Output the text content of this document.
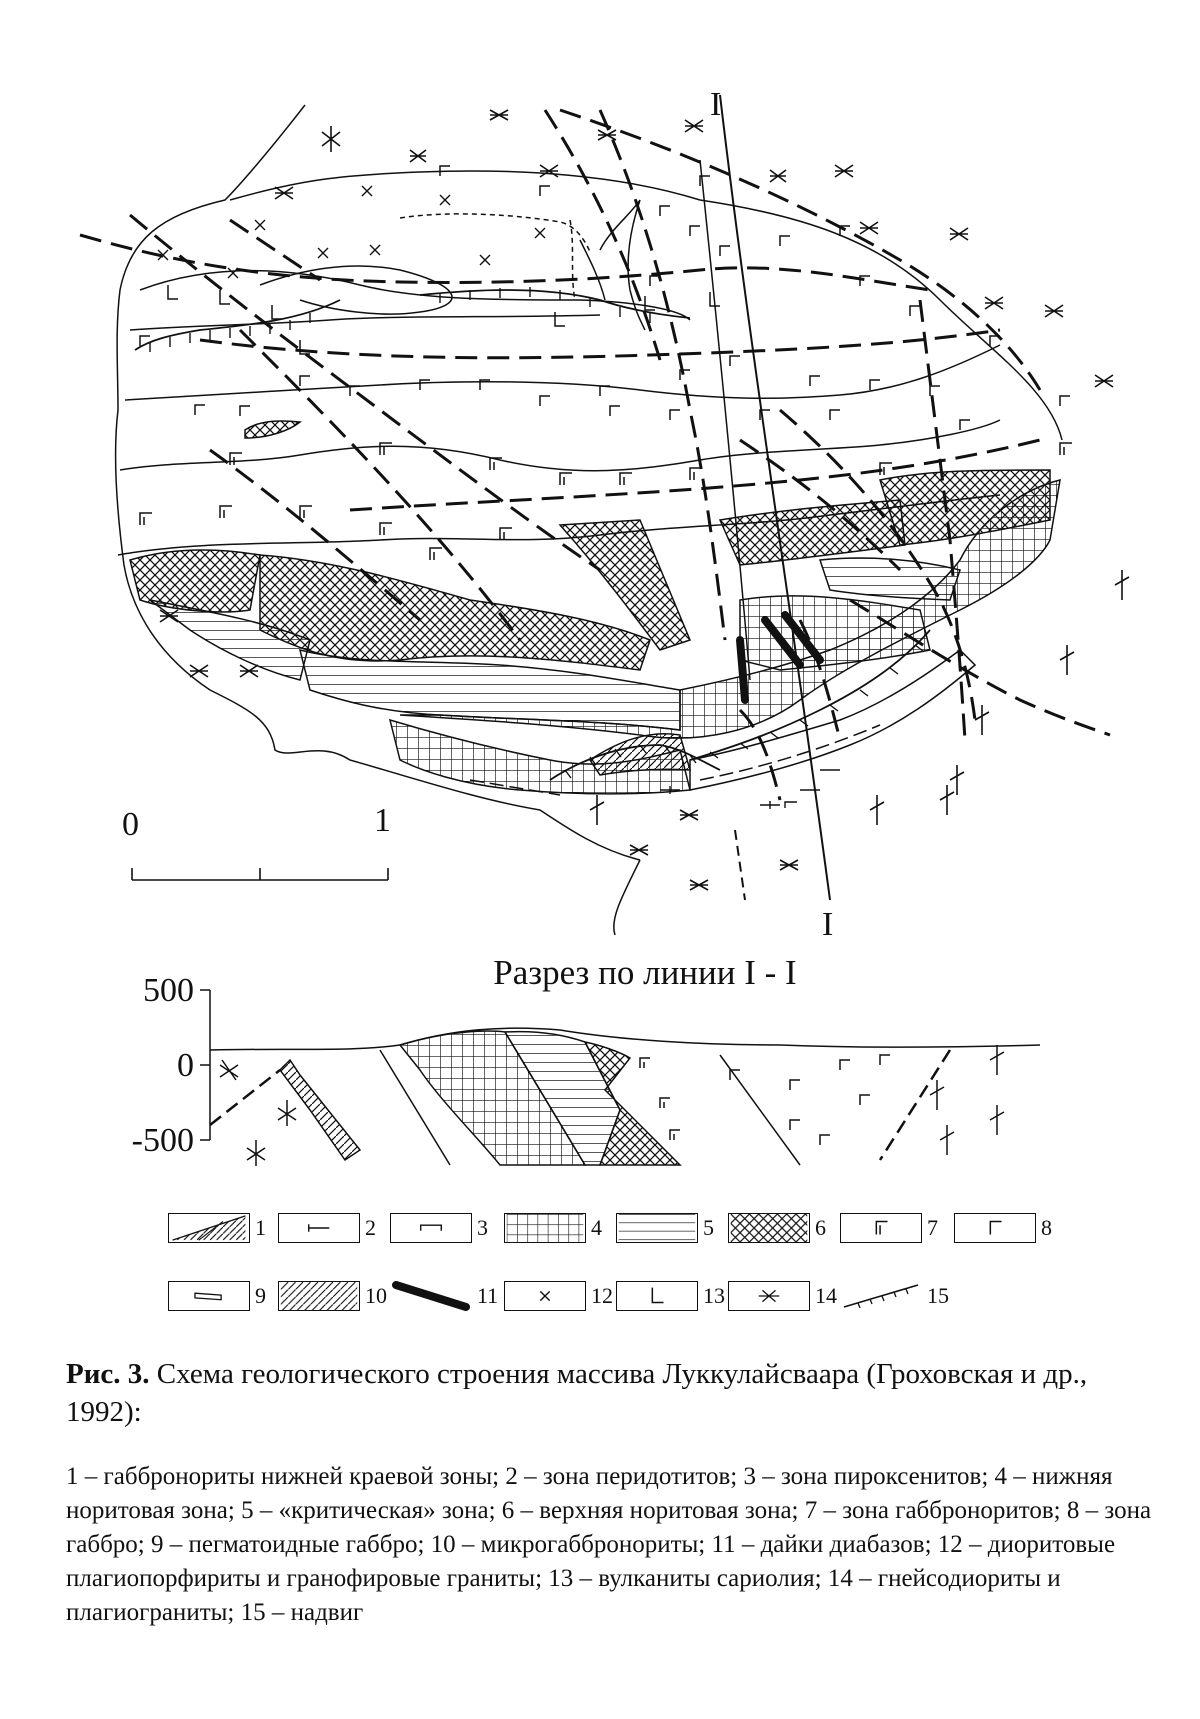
0	1
I
I
Разрез по линии I - I
500
0
-500
1	2	3	4	5	6	7	8
9	10	11	12	13	14	15
Рис. 3. Схема геологического строения массива Луккулайсваара (Гроховская и др., 1992):
1 – габбронориты нижней краевой зоны; 2 – зона перидотитов; 3 – зона пироксенитов; 4 – нижняя норитовая зона; 5 – «критическая» зона; 6 – верхняя норитовая зона; 7 – зона габброноритов; 8 – зона габбро; 9 – пегматоидные габбро; 10 – микрогаббронориты; 11 – дайки диабазов; 12 – диоритовые плагиопорфириты и гранофировые граниты; 13 – вулканиты сариолия; 14 – гнейсодиориты и плагиограниты; 15 – надвиг
